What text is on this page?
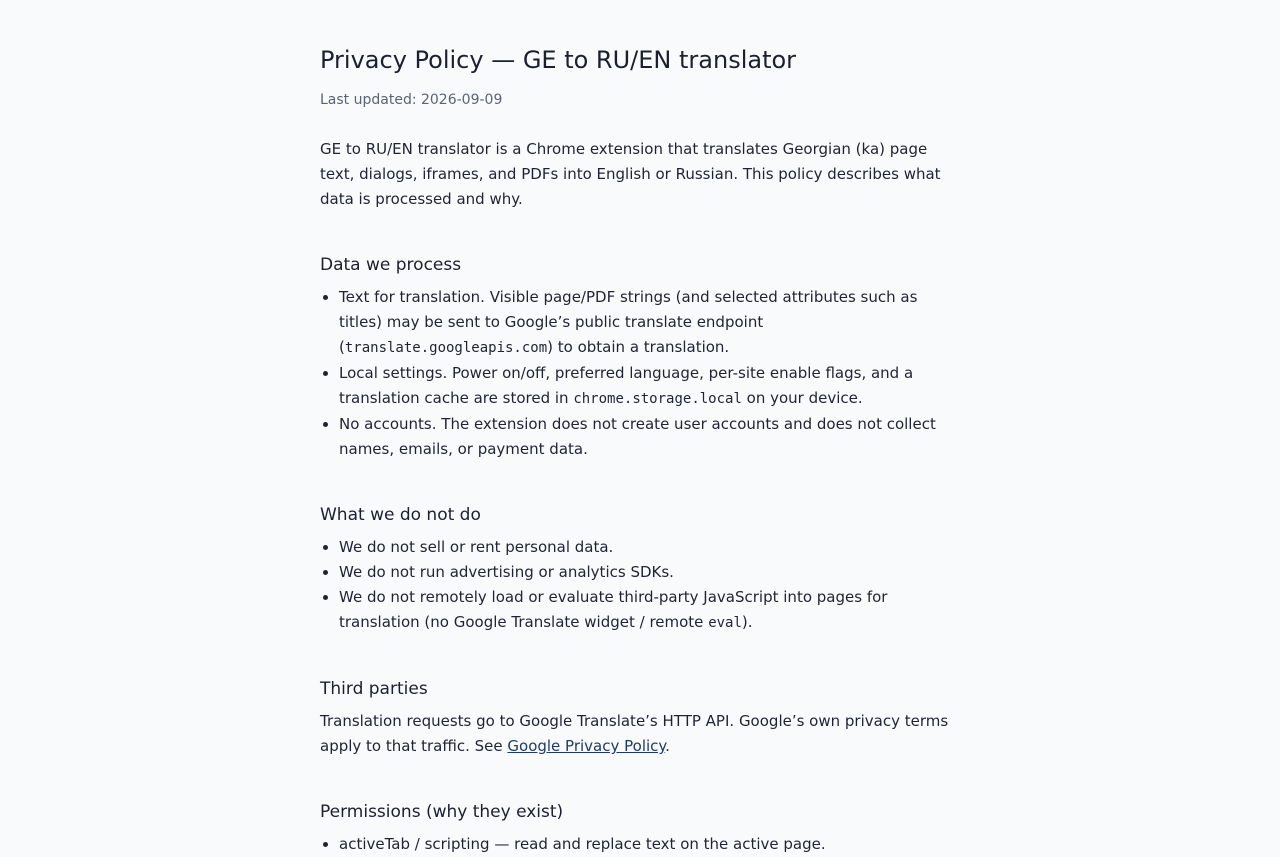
Privacy Policy — GE to RU/EN translator
Last updated: 2026-09-09

GE to RU/EN translator is a Chrome extension that translates Georgian (ka) page text, dialogs, iframes, and PDFs into English or Russian. This policy describes what data is processed and why.

Data we process
• Text for translation. Visible page/PDF strings (and selected attributes such as titles) may be sent to Google’s public translate endpoint (translate.googleapis.com) to obtain a translation.
• Local settings. Power on/off, preferred language, per-site enable flags, and a translation cache are stored in chrome.storage.local on your device.
• No accounts. The extension does not create user accounts and does not collect names, emails, or payment data.
What we do not do
• We do not sell or rent personal data.
• We do not run advertising or analytics SDKs.
• We do not remotely load or evaluate third-party JavaScript into pages for translation (no Google Translate widget / remote eval).
Third parties

Translation requests go to Google Translate’s HTTP API. Google’s own privacy terms apply to that traffic. See Google Privacy Policy.

Permissions (why they exist)
• activeTab / scripting — read and replace text on the active page.
